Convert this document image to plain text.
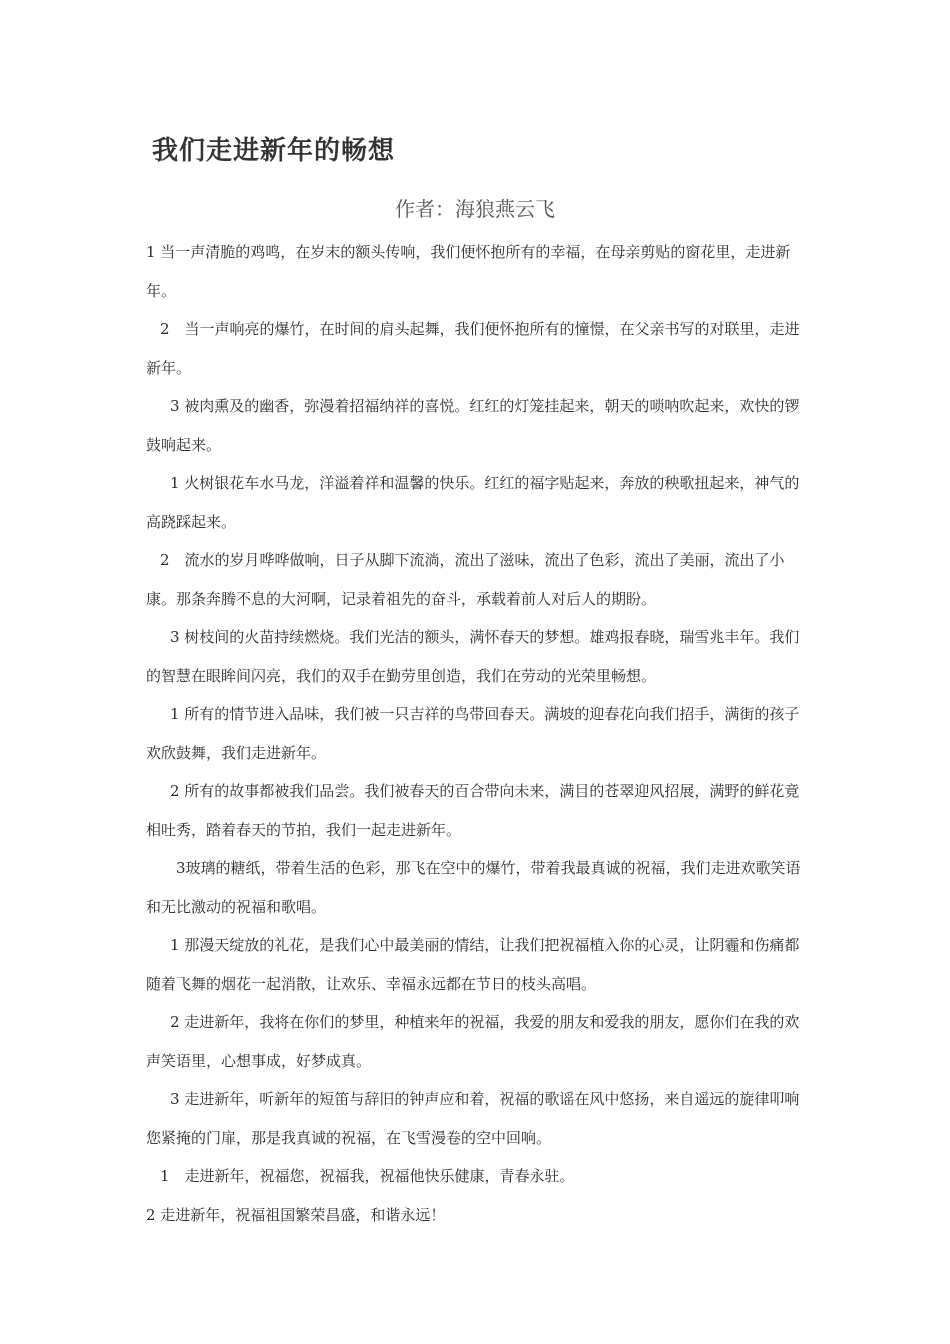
我们走进新年的畅想
作者：海狼燕云飞

1 当一声清脆的鸡鸣，在岁末的额头传响，我们便怀抱所有的幸福，在母亲剪贴的窗花里，走进新年。

2　当一声响亮的爆竹，在时间的肩头起舞，我们便怀抱所有的憧憬，在父亲书写的对联里，走进新年。

3 被肉熏及的幽香，弥漫着招福纳祥的喜悦。红红的灯笼挂起来，朝天的唢呐吹起来，欢快的锣鼓响起来。

1 火树银花车水马龙，洋溢着祥和温馨的快乐。红红的福字贴起来，奔放的秧歌扭起来，神气的高跷踩起来。

2　流水的岁月哗哗做响，日子从脚下流淌，流出了滋味，流出了色彩，流出了美丽，流出了小康。那条奔腾不息的大河啊，记录着祖先的奋斗，承载着前人对后人的期盼。

3 树枝间的火苗持续燃烧。我们光洁的额头，满怀春天的梦想。雄鸡报春晓，瑞雪兆丰年。我们的智慧在眼眸间闪亮，我们的双手在勤劳里创造，我们在劳动的光荣里畅想。

1 所有的情节进入品味，我们被一只吉祥的鸟带回春天。满坡的迎春花向我们招手，满街的孩子欢欣鼓舞，我们走进新年。

2 所有的故事都被我们品尝。我们被春天的百合带向未来，满目的苍翠迎风招展，满野的鲜花竟相吐秀，踏着春天的节拍，我们一起走进新年。

3玻璃的糖纸，带着生活的色彩，那飞在空中的爆竹，带着我最真诚的祝福，我们走进欢歌笑语和无比激动的祝福和歌唱。

1 那漫天绽放的礼花，是我们心中最美丽的情结，让我们把祝福植入你的心灵，让阴霾和伤痛都随着飞舞的烟花一起消散，让欢乐、幸福永远都在节日的枝头高唱。

2 走进新年，我将在你们的梦里，种植来年的祝福，我爱的朋友和爱我的朋友，愿你们在我的欢声笑语里，心想事成，好梦成真。

3 走进新年，听新年的短笛与辞旧的钟声应和着，祝福的歌谣在风中悠扬，来自遥远的旋律叩响您紧掩的门扉，那是我真诚的祝福，在飞雪漫卷的空中回响。

1　走进新年，祝福您，祝福我，祝福他快乐健康，青春永驻。

2 走进新年，祝福祖国繁荣昌盛，和谐永远！
